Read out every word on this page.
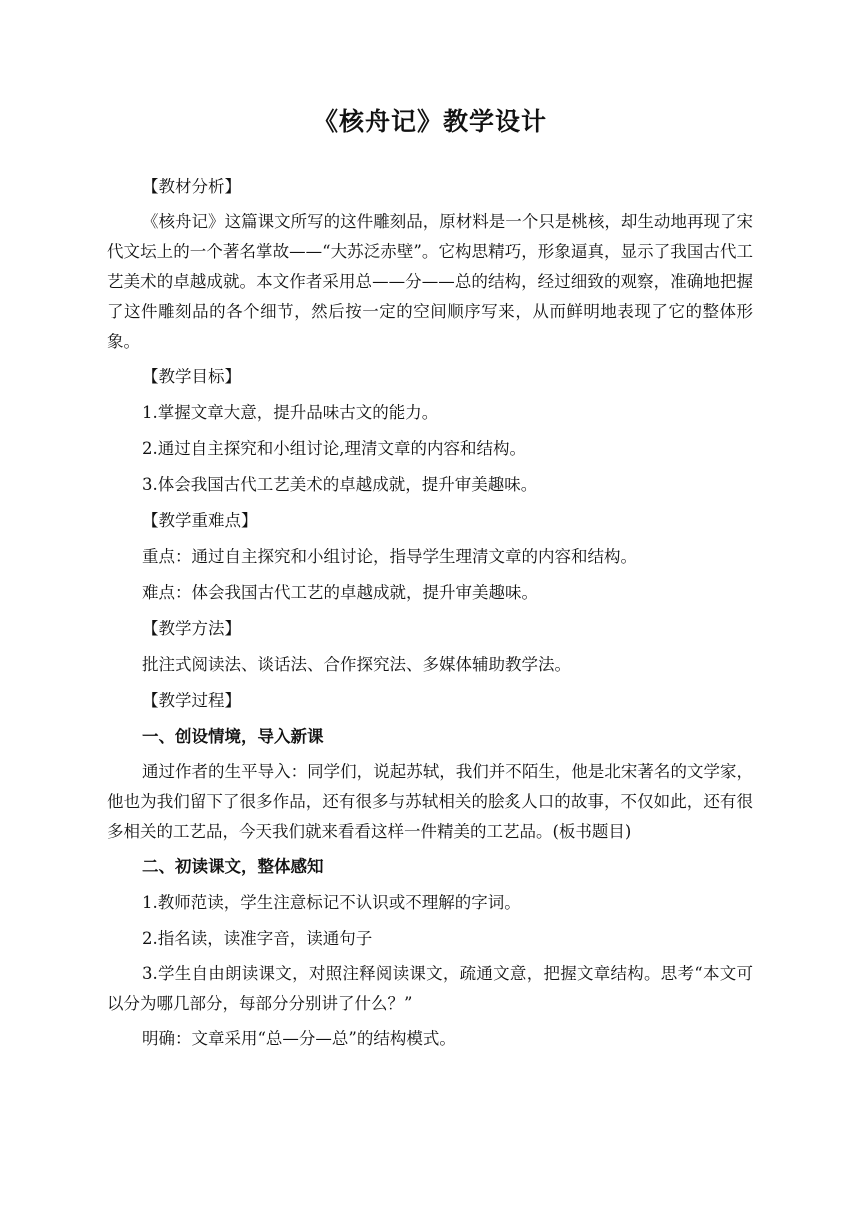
《核舟记》教学设计

【教材分析】

《核舟记》这篇课文所写的这件雕刻品，原材料是一个只是桃核，却生动地再现了宋代文坛上的一个著名掌故——“大苏泛赤壁”。它构思精巧，形象逼真，显示了我国古代工艺美术的卓越成就。本文作者采用总——分——总的结构，经过细致的观察，准确地把握了这件雕刻品的各个细节，然后按一定的空间顺序写来，从而鲜明地表现了它的整体形象。

【教学目标】

1.掌握文章大意，提升品味古文的能力。

2.通过自主探究和小组讨论,理清文章的内容和结构。

3.体会我国古代工艺美术的卓越成就，提升审美趣味。

【教学重难点】

重点：通过自主探究和小组讨论，指导学生理清文章的内容和结构。

难点：体会我国古代工艺的卓越成就，提升审美趣味。

【教学方法】

批注式阅读法、谈话法、合作探究法、多媒体辅助教学法。

【教学过程】

一、创设情境，导入新课

通过作者的生平导入：同学们，说起苏轼，我们并不陌生，他是北宋著名的文学家，他也为我们留下了很多作品，还有很多与苏轼相关的脍炙人口的故事，不仅如此，还有很多相关的工艺品，今天我们就来看看这样一件精美的工艺品。(板书题目)

二、初读课文，整体感知

1.教师范读，学生注意标记不认识或不理解的字词。

2.指名读，读准字音，读通句子

3.学生自由朗读课文，对照注释阅读课文，疏通文意，把握文章结构。思考“本文可以分为哪几部分，每部分分别讲了什么？”

明确：文章采用“总—分—总”的结构模式。
